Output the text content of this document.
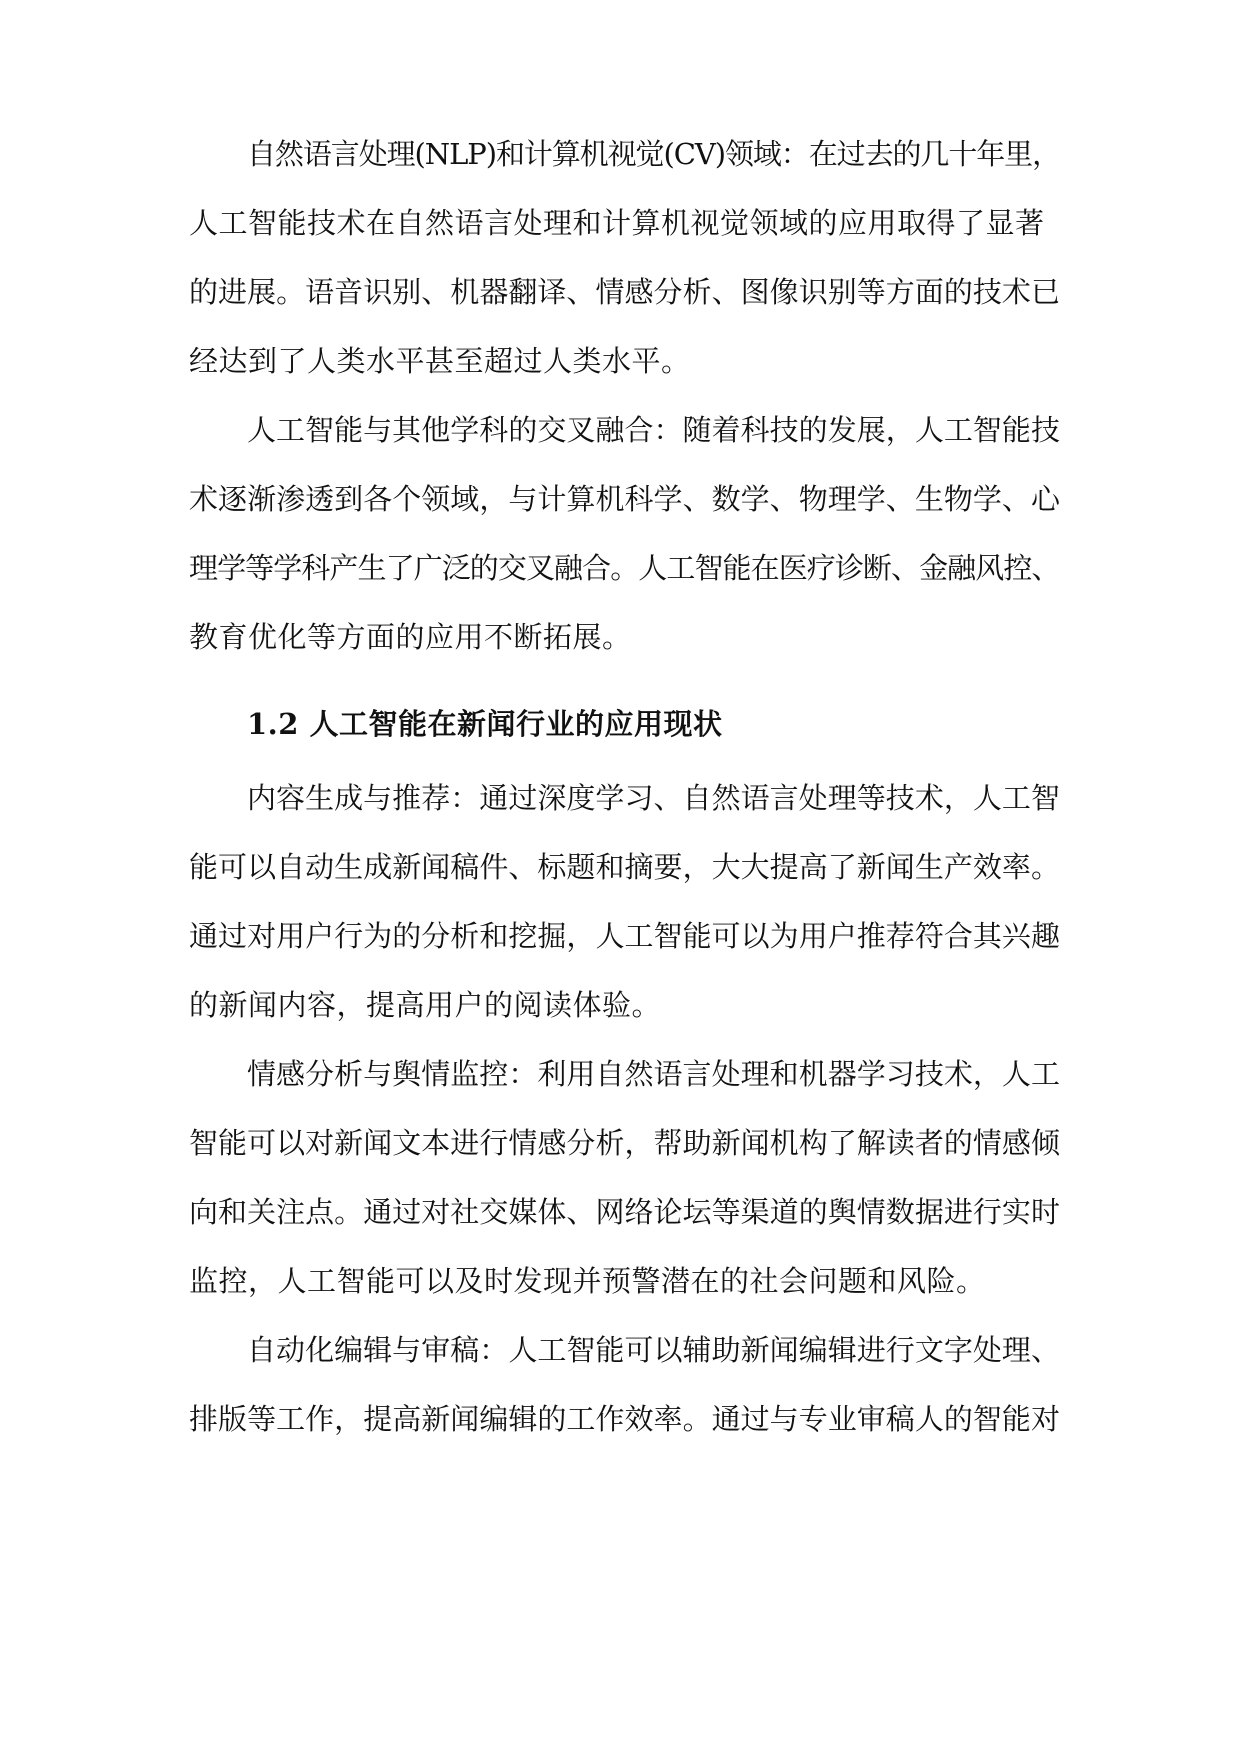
自然语言处理(NLP)和计算机视觉(CV)领域：在过去的几十年里，
人工智能技术在自然语言处理和计算机视觉领域的应用取得了显著
的进展。语音识别、机器翻译、情感分析、图像识别等方面的技术已
经达到了人类水平甚至超过人类水平。
人工智能与其他学科的交叉融合：随着科技的发展，人工智能技
术逐渐渗透到各个领域，与计算机科学、数学、物理学、生物学、心
理学等学科产生了广泛的交叉融合。人工智能在医疗诊断、金融风控、
教育优化等方面的应用不断拓展。
1.2 人工智能在新闻行业的应用现状
内容生成与推荐：通过深度学习、自然语言处理等技术，人工智
能可以自动生成新闻稿件、标题和摘要，大大提高了新闻生产效率。
通过对用户行为的分析和挖掘，人工智能可以为用户推荐符合其兴趣
的新闻内容，提高用户的阅读体验。
情感分析与舆情监控：利用自然语言处理和机器学习技术，人工
智能可以对新闻文本进行情感分析，帮助新闻机构了解读者的情感倾
向和关注点。通过对社交媒体、网络论坛等渠道的舆情数据进行实时
监控，人工智能可以及时发现并预警潜在的社会问题和风险。
自动化编辑与审稿：人工智能可以辅助新闻编辑进行文字处理、
排版等工作，提高新闻编辑的工作效率。通过与专业审稿人的智能对
